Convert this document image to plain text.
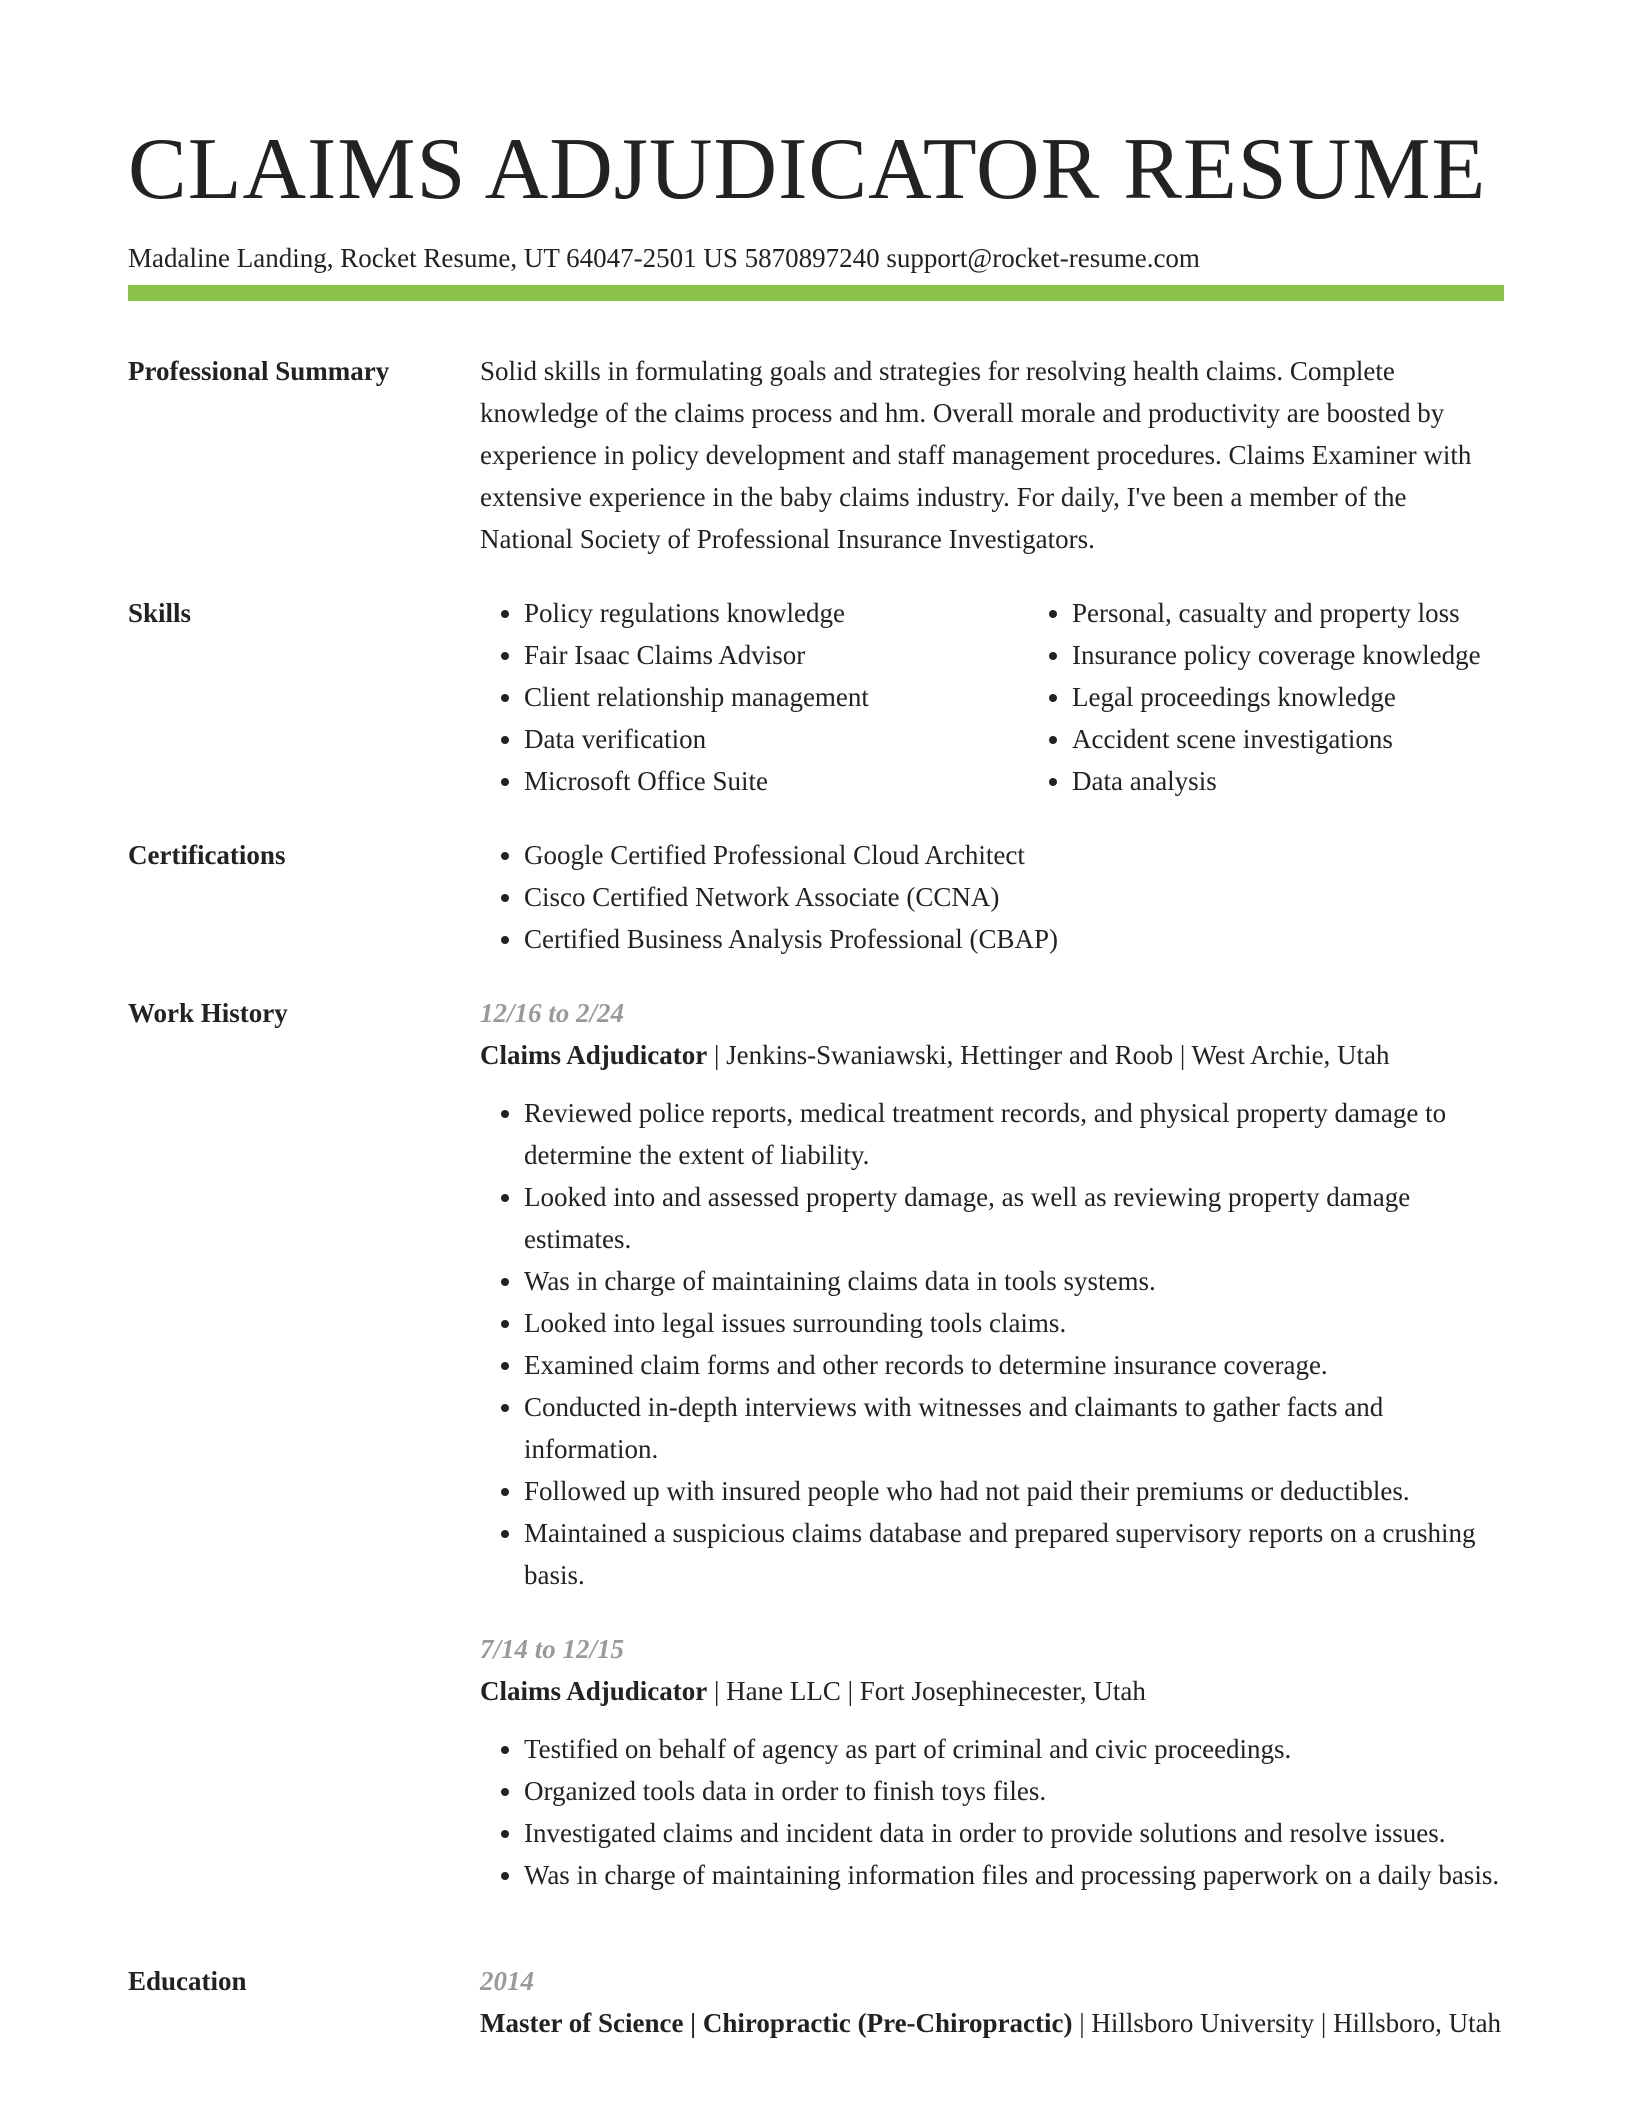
CLAIMS ADJUDICATOR RESUME
Madaline Landing, Rocket Resume, UT 64047-2501 US 5870897240 support@rocket-resume.com
Professional Summary	Solid skills in formulating goals and strategies for resolving health claims. Complete knowledge of the claims process and hm. Overall morale and productivity are boosted by experience in policy development and staff management procedures. Claims Examiner with extensive experience in the baby claims industry. For daily, I've been a member of the National Society of Professional Insurance Investigators.

Skills	• Policy regulations knowledge
• Fair Isaac Claims Advisor
• Client relationship management
• Data verification
• Microsoft Office Suite
• Personal, casualty and property loss
• Insurance policy coverage knowledge
• Legal proceedings knowledge
• Accident scene investigations
• Data analysis
Certifications	• Google Certified Professional Cloud Architect
• Cisco Certified Network Associate (CCNA)
• Certified Business Analysis Professional (CBAP)
Work History	12/16 to 2/24
Claims Adjudicator | Jenkins-Swaniawski, Hettinger and Roob | West Archie, Utah
• Reviewed police reports, medical treatment records, and physical property damage to determine the extent of liability.
• Looked into and assessed property damage, as well as reviewing property damage estimates.
• Was in charge of maintaining claims data in tools systems.
• Looked into legal issues surrounding tools claims.
• Examined claim forms and other records to determine insurance coverage.
• Conducted in-depth interviews with witnesses and claimants to gather facts and information.
• Followed up with insured people who had not paid their premiums or deductibles.
• Maintained a suspicious claims database and prepared supervisory reports on a crushing basis.
7/14 to 12/15
Claims Adjudicator | Hane LLC | Fort Josephinecester, Utah
• Testified on behalf of agency as part of criminal and civic proceedings.
• Organized tools data in order to finish toys files.
• Investigated claims and incident data in order to provide solutions and resolve issues.
• Was in charge of maintaining information files and processing paperwork on a daily basis.
Education	2014
Master of Science | Chiropractic (Pre-Chiropractic) | Hillsboro University | Hillsboro, Utah
